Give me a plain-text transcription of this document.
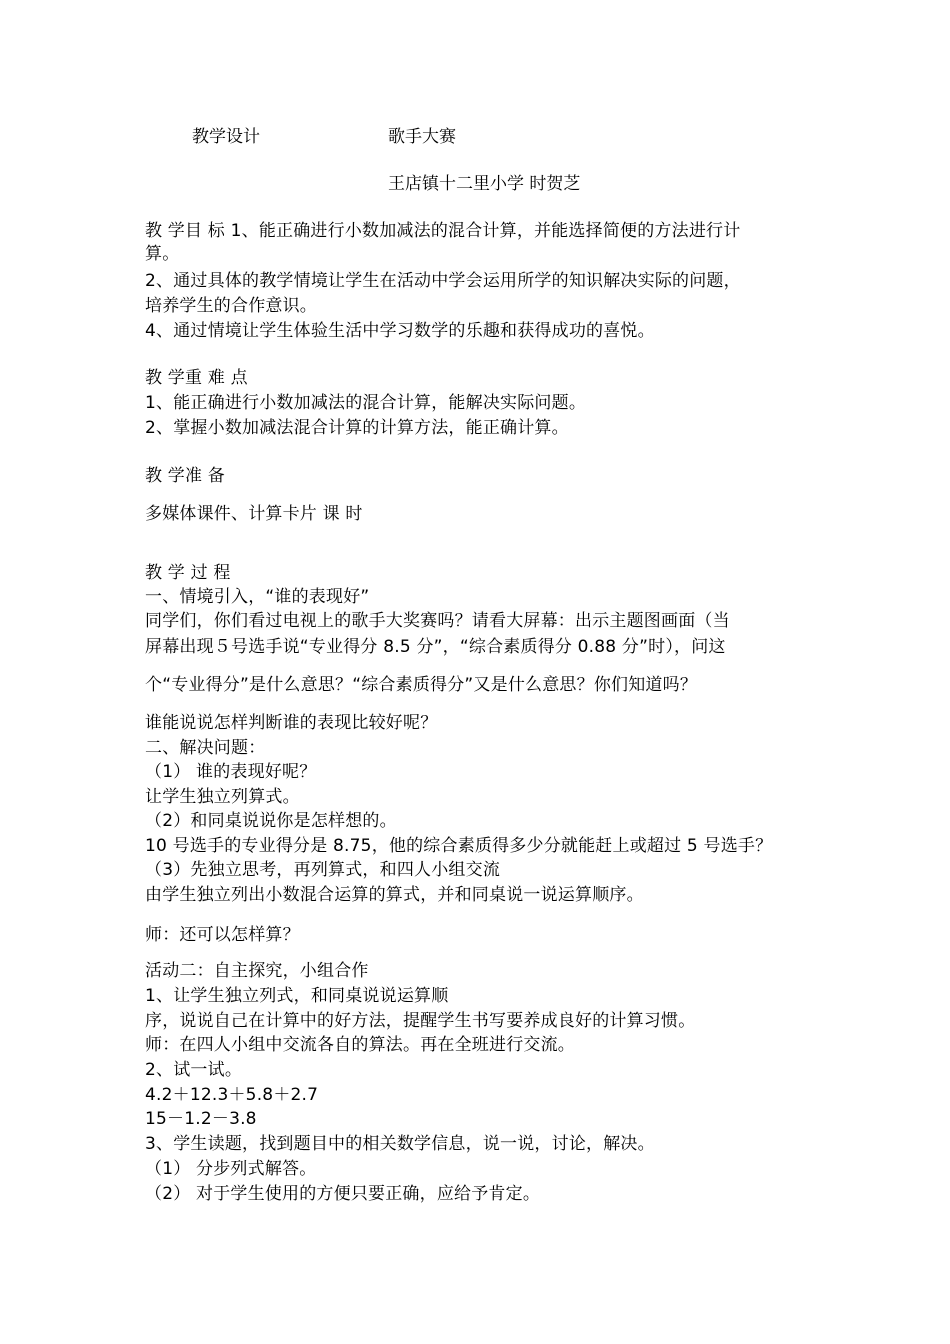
教学设计	歌手大赛
王店镇十二里小学 时贺芝
教 学目 标 1、能正确进行小数加减法的混合计算，并能选择简便的方法进行计
算。
2、通过具体的教学情境让学生在活动中学会运用所学的知识解决实际的问题，
培养学生的合作意识。
4、通过情境让学生体验生活中学习数学的乐趣和获得成功的喜悦。
教 学重 难 点
1、能正确进行小数加减法的混合计算，能解决实际问题。
2、掌握小数加减法混合计算的计算方法，能正确计算。
教 学准 备
多媒体课件、计算卡片 课 时
教 学 过 程
一、情境引入，“谁的表现好”
同学们，你们看过电视上的歌手大奖赛吗？请看大屏幕：出示主题图画面（当
屏幕出现５号选手说“专业得分 8.5 分”，“综合素质得分 0.88 分”时），问这
个“专业得分”是什么意思？“综合素质得分”又是什么意思？你们知道吗？
谁能说说怎样判断谁的表现比较好呢？
二、解决问题：
（1） 谁的表现好呢？
让学生独立列算式。
（2）和同桌说说你是怎样想的。
10 号选手的专业得分是 8.75，他的综合素质得多少分就能赶上或超过 5 号选手？
（3）先独立思考，再列算式，和四人小组交流
由学生独立列出小数混合运算的算式，并和同桌说一说运算顺序。
师：还可以怎样算？
活动二：自主探究，小组合作
1、让学生独立列式，和同桌说说运算顺
序，说说自己在计算中的好方法，提醒学生书写要养成良好的计算习惯。
师：在四人小组中交流各自的算法。再在全班进行交流。
2、试一试。
4.2＋12.3＋5.8＋2.7
15－1.2－3.8
3、学生读题，找到题目中的相关数学信息，说一说，讨论，解决。
（1） 分步列式解答。
（2） 对于学生使用的方便只要正确，应给予肯定。
